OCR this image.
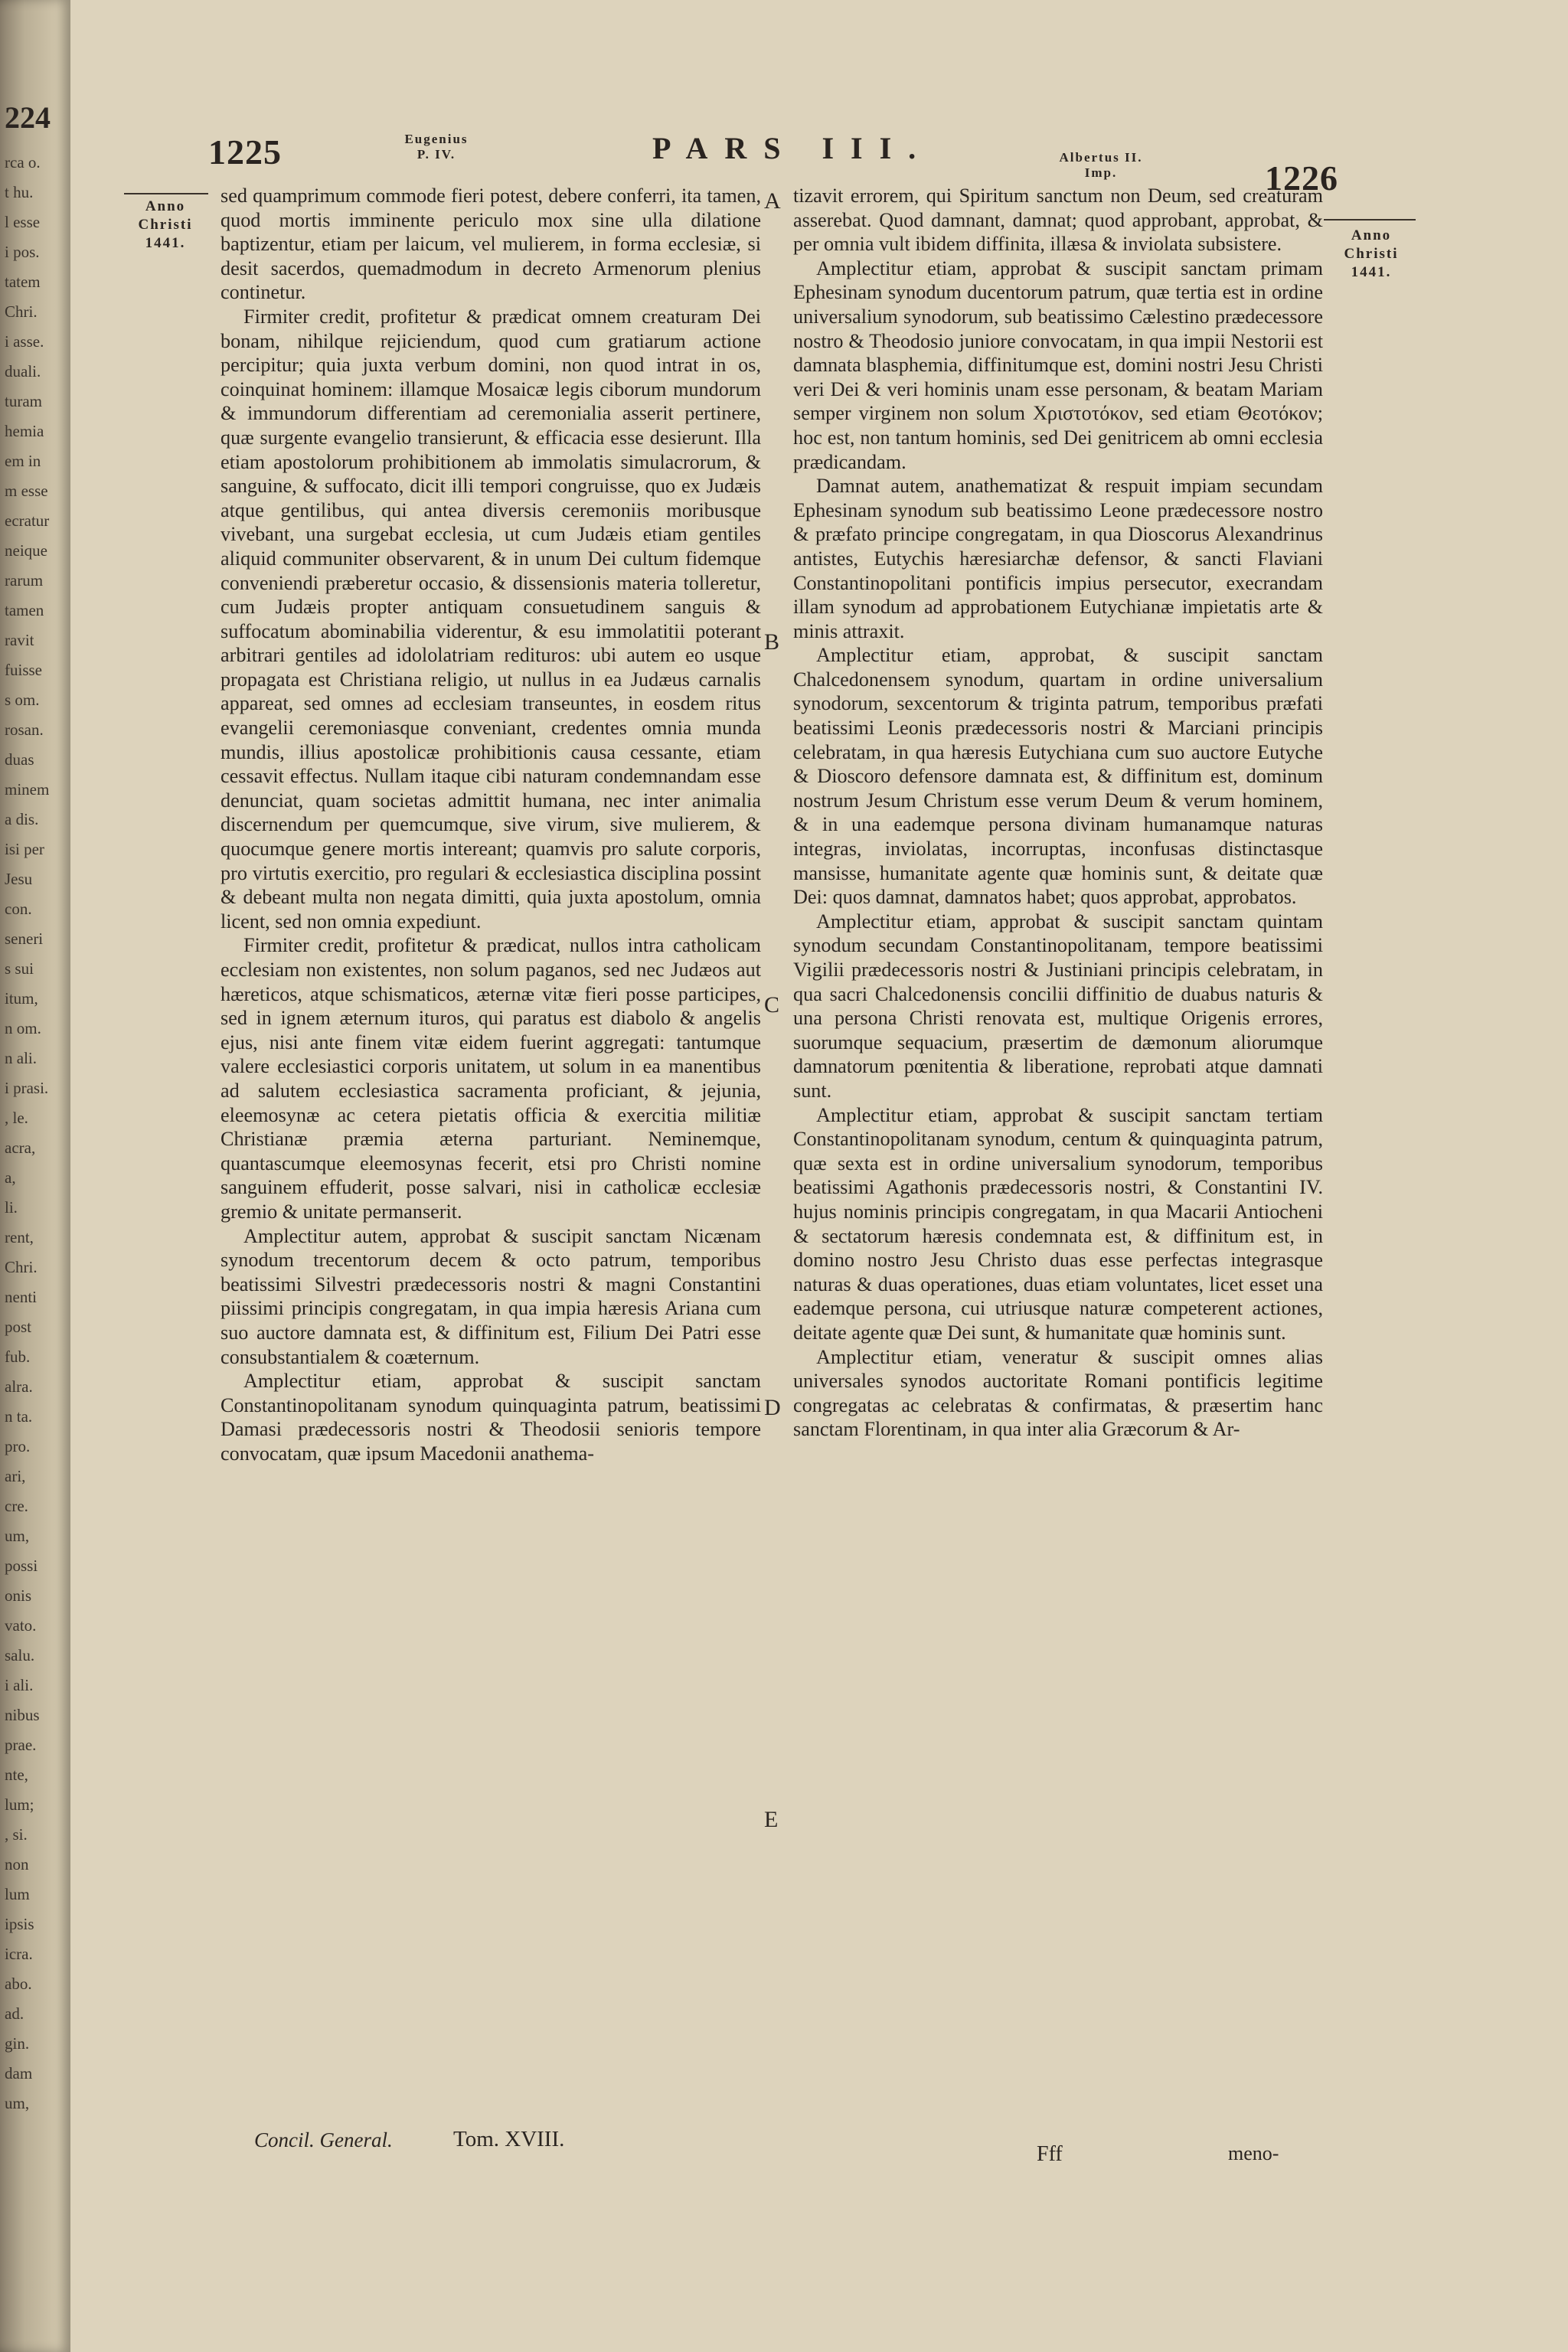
224
rca o.
t hu.
l esse
i pos.
tatem
Chri.
i asse.
duali.
turam
hemia
em in
m esse
ecratur
neique
rarum
tamen
ravit
fuisse
s om.
rosan.
duas
minem
a dis.
isi per
Jesu
con.
seneri
s sui
itum,
n om.
n ali.
i prasi.
, le.
acra,
a,
li.
rent,
Chri.
nenti
post
fub.
alra.
n ta.
pro.
ari,
cre.
um,
possi
onis
vato.
salu.
i ali.
nibus
prae.
nte,
lum;
, si.
non
lum
ipsis
icra.
abo.
ad.
gin.
dam
um,
1225	Eugenius
P. IV.	PARS III.	Albertus II.
Imp.	1226
Anno
Christi
1441.	Anno
Christi
1441.
A
B
C
D
E

sed quamprimum commode fieri potest, debere conferri, ita tamen, quod mortis imminente periculo mox sine ulla dilatione baptizentur, etiam per laicum, vel mulierem, in forma ecclesiæ, si desit sacerdos, quemadmodum in decreto Armenorum plenius continetur.

Firmiter credit, profitetur & prædicat omnem creaturam Dei bonam, nihilque rejiciendum, quod cum gratiarum actione percipitur; quia juxta verbum domini, non quod intrat in os, coinquinat hominem: illamque Mosaicæ legis ciborum mundorum & immundorum differentiam ad ceremonialia asserit pertinere, quæ surgente evangelio transierunt, & efficacia esse desierunt. Illa etiam apostolorum prohibitionem ab immolatis simulacrorum, & sanguine, & suffocato, dicit illi tempori congruisse, quo ex Judæis atque gentilibus, qui antea diversis ceremoniis moribusque vivebant, una surgebat ecclesia, ut cum Judæis etiam gentiles aliquid communiter observarent, & in unum Dei cultum fidemque conveniendi præberetur occasio, & dissensionis materia tolleretur, cum Judæis propter antiquam consuetudinem sanguis & suffocatum abominabilia viderentur, & esu immolatitii poterant arbitrari gentiles ad idololatriam redituros: ubi autem eo usque propagata est Christiana religio, ut nullus in ea Judæus carnalis appareat, sed omnes ad ecclesiam transeuntes, in eosdem ritus evangelii ceremoniasque conveniant, credentes omnia munda mundis, illius apostolicæ prohibitionis causa cessante, etiam cessavit effectus. Nullam itaque cibi naturam condemnandam esse denunciat, quam societas admittit humana, nec inter animalia discernendum per quemcumque, sive virum, sive mulierem, & quocumque genere mortis intereant; quamvis pro salute corporis, pro virtutis exercitio, pro regulari & ecclesiastica disciplina possint & debeant multa non negata dimitti, quia juxta apostolum, omnia licent, sed non omnia expediunt.

Firmiter credit, profitetur & prædicat, nullos intra catholicam ecclesiam non existentes, non solum paganos, sed nec Judæos aut hæreticos, atque schismaticos, æternæ vitæ fieri posse participes, sed in ignem æternum ituros, qui paratus est diabolo & angelis ejus, nisi ante finem vitæ eidem fuerint aggregati: tantumque valere ecclesiastici corporis unitatem, ut solum in ea manentibus ad salutem ecclesiastica sacramenta proficiant, & jejunia, eleemosynæ ac cetera pietatis officia & exercitia militiæ Christianæ præmia æterna parturiant. Neminemque, quantascumque eleemosynas fecerit, etsi pro Christi nomine sanguinem effuderit, posse salvari, nisi in catholicæ ecclesiæ gremio & unitate permanserit.

Amplectitur autem, approbat & suscipit sanctam Nicænam synodum trecentorum decem & octo patrum, temporibus beatissimi Silvestri prædecessoris nostri & magni Constantini piissimi principis congregatam, in qua impia hæresis Ariana cum suo auctore damnata est, & diffinitum est, Filium Dei Patri esse consubstantialem & coæternum.

Amplectitur etiam, approbat & suscipit sanctam Constantinopolitanam synodum quinquaginta patrum, beatissimi Damasi prædecessoris nostri & Theodosii senioris tempore convocatam, quæ ipsum Macedonii anathema-

tizavit errorem, qui Spiritum sanctum non Deum, sed creaturam asserebat. Quod damnant, damnat; quod approbant, approbat, & per omnia vult ibidem diffinita, illæsa & inviolata subsistere.

Amplectitur etiam, approbat & suscipit sanctam primam Ephesinam synodum ducentorum patrum, quæ tertia est in ordine universalium synodorum, sub beatissimo Cælestino prædecessore nostro & Theodosio juniore convocatam, in qua impii Nestorii est damnata blasphemia, diffinitumque est, domini nostri Jesu Christi veri Dei & veri hominis unam esse personam, & beatam Mariam semper virginem non solum Χριστοτόκον, sed etiam Θεοτόκον; hoc est, non tantum hominis, sed Dei genitricem ab omni ecclesia prædicandam.

Damnat autem, anathematizat & respuit impiam secundam Ephesinam synodum sub beatissimo Leone prædecessore nostro & præfato principe congregatam, in qua Dioscorus Alexandrinus antistes, Eutychis hæresiarchæ defensor, & sancti Flaviani Constantinopolitani pontificis impius persecutor, execrandam illam synodum ad approbationem Eutychianæ impietatis arte & minis attraxit.

Amplectitur etiam, approbat, & suscipit sanctam Chalcedonensem synodum, quartam in ordine universalium synodorum, sexcentorum & triginta patrum, temporibus præfati beatissimi Leonis prædecessoris nostri & Marciani principis celebratam, in qua hæresis Eutychiana cum suo auctore Eutyche & Dioscoro defensore damnata est, & diffinitum est, dominum nostrum Jesum Christum esse verum Deum & verum hominem, & in una eademque persona divinam humanamque naturas integras, inviolatas, incorruptas, inconfusas distinctasque mansisse, humanitate agente quæ hominis sunt, & deitate quæ Dei: quos damnat, damnatos habet; quos approbat, approbatos.

Amplectitur etiam, approbat & suscipit sanctam quintam synodum secundam Constantinopolitanam, tempore beatissimi Vigilii prædecessoris nostri & Justiniani principis celebratam, in qua sacri Chalcedonensis concilii diffinitio de duabus naturis & una persona Christi renovata est, multique Origenis errores, suorumque sequacium, præsertim de dæmonum aliorumque damnatorum pœnitentia & liberatione, reprobati atque damnati sunt.

Amplectitur etiam, approbat & suscipit sanctam tertiam Constantinopolitanam synodum, centum & quinquaginta patrum, quæ sexta est in ordine universalium synodorum, temporibus beatissimi Agathonis prædecessoris nostri, & Constantini IV. hujus nominis principis congregatam, in qua Macarii Antiocheni & sectatorum hæresis condemnata est, & diffinitum est, in domino nostro Jesu Christo duas esse perfectas integrasque naturas & duas operationes, duas etiam voluntates, licet esset una eademque persona, cui utriusque naturæ competerent actiones, deitate agente quæ Dei sunt, & humanitate quæ hominis sunt.

Amplectitur etiam, veneratur & suscipit omnes alias universales synodos auctoritate Romani pontificis legitime congregatas ac celebratas & confirmatas, & præsertim hanc sanctam Florentinam, in qua inter alia Græcorum & Ar-

Concil. General.	Tom. XVIII.
Fff	meno-
